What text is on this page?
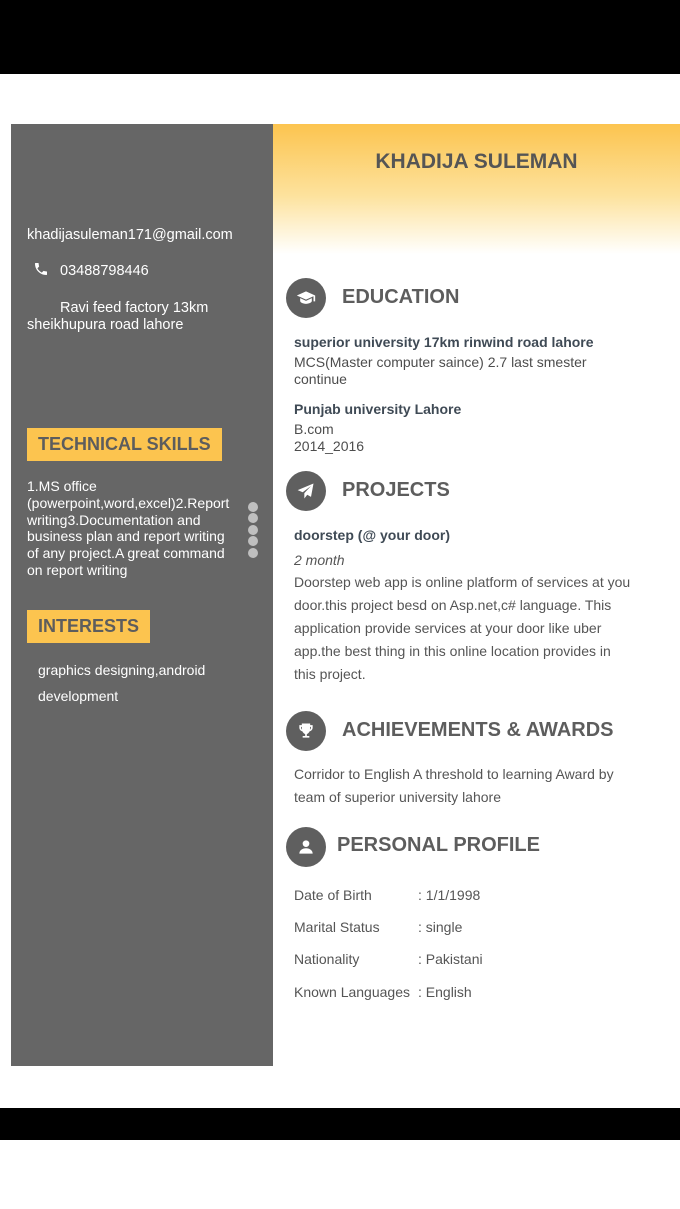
khadijasuleman171@gmail.com
03488798446
Ravi feed factory 13km
sheikhupura road lahore
TECHNICAL SKILLS
1.MS office
(powerpoint,word,excel)2.Report
writing3.Documentation and
business plan and report writing
of any project.A great command
on report writing
INTERESTS
graphics designing,android
development
KHADIJA SULEMAN
EDUCATION
superior university 17km rinwind road lahore
MCS(Master computer saince) 2.7 last smester
continue
Punjab university Lahore
B.com
2014_2016
PROJECTS
doorstep (@ your door)
2 month
Doorstep web app is online platform of services at you
door.this project besd on Asp.net,c# language. This
application provide services at your door like uber
app.the best thing in this online location provides in
this project.
ACHIEVEMENTS & AWARDS
Corridor to English A threshold to learning Award by
team of superior university lahore
PERSONAL PROFILE
Date of Birth	: 1/1/1998
Marital Status	: single
Nationality	: Pakistani
Known Languages : English
